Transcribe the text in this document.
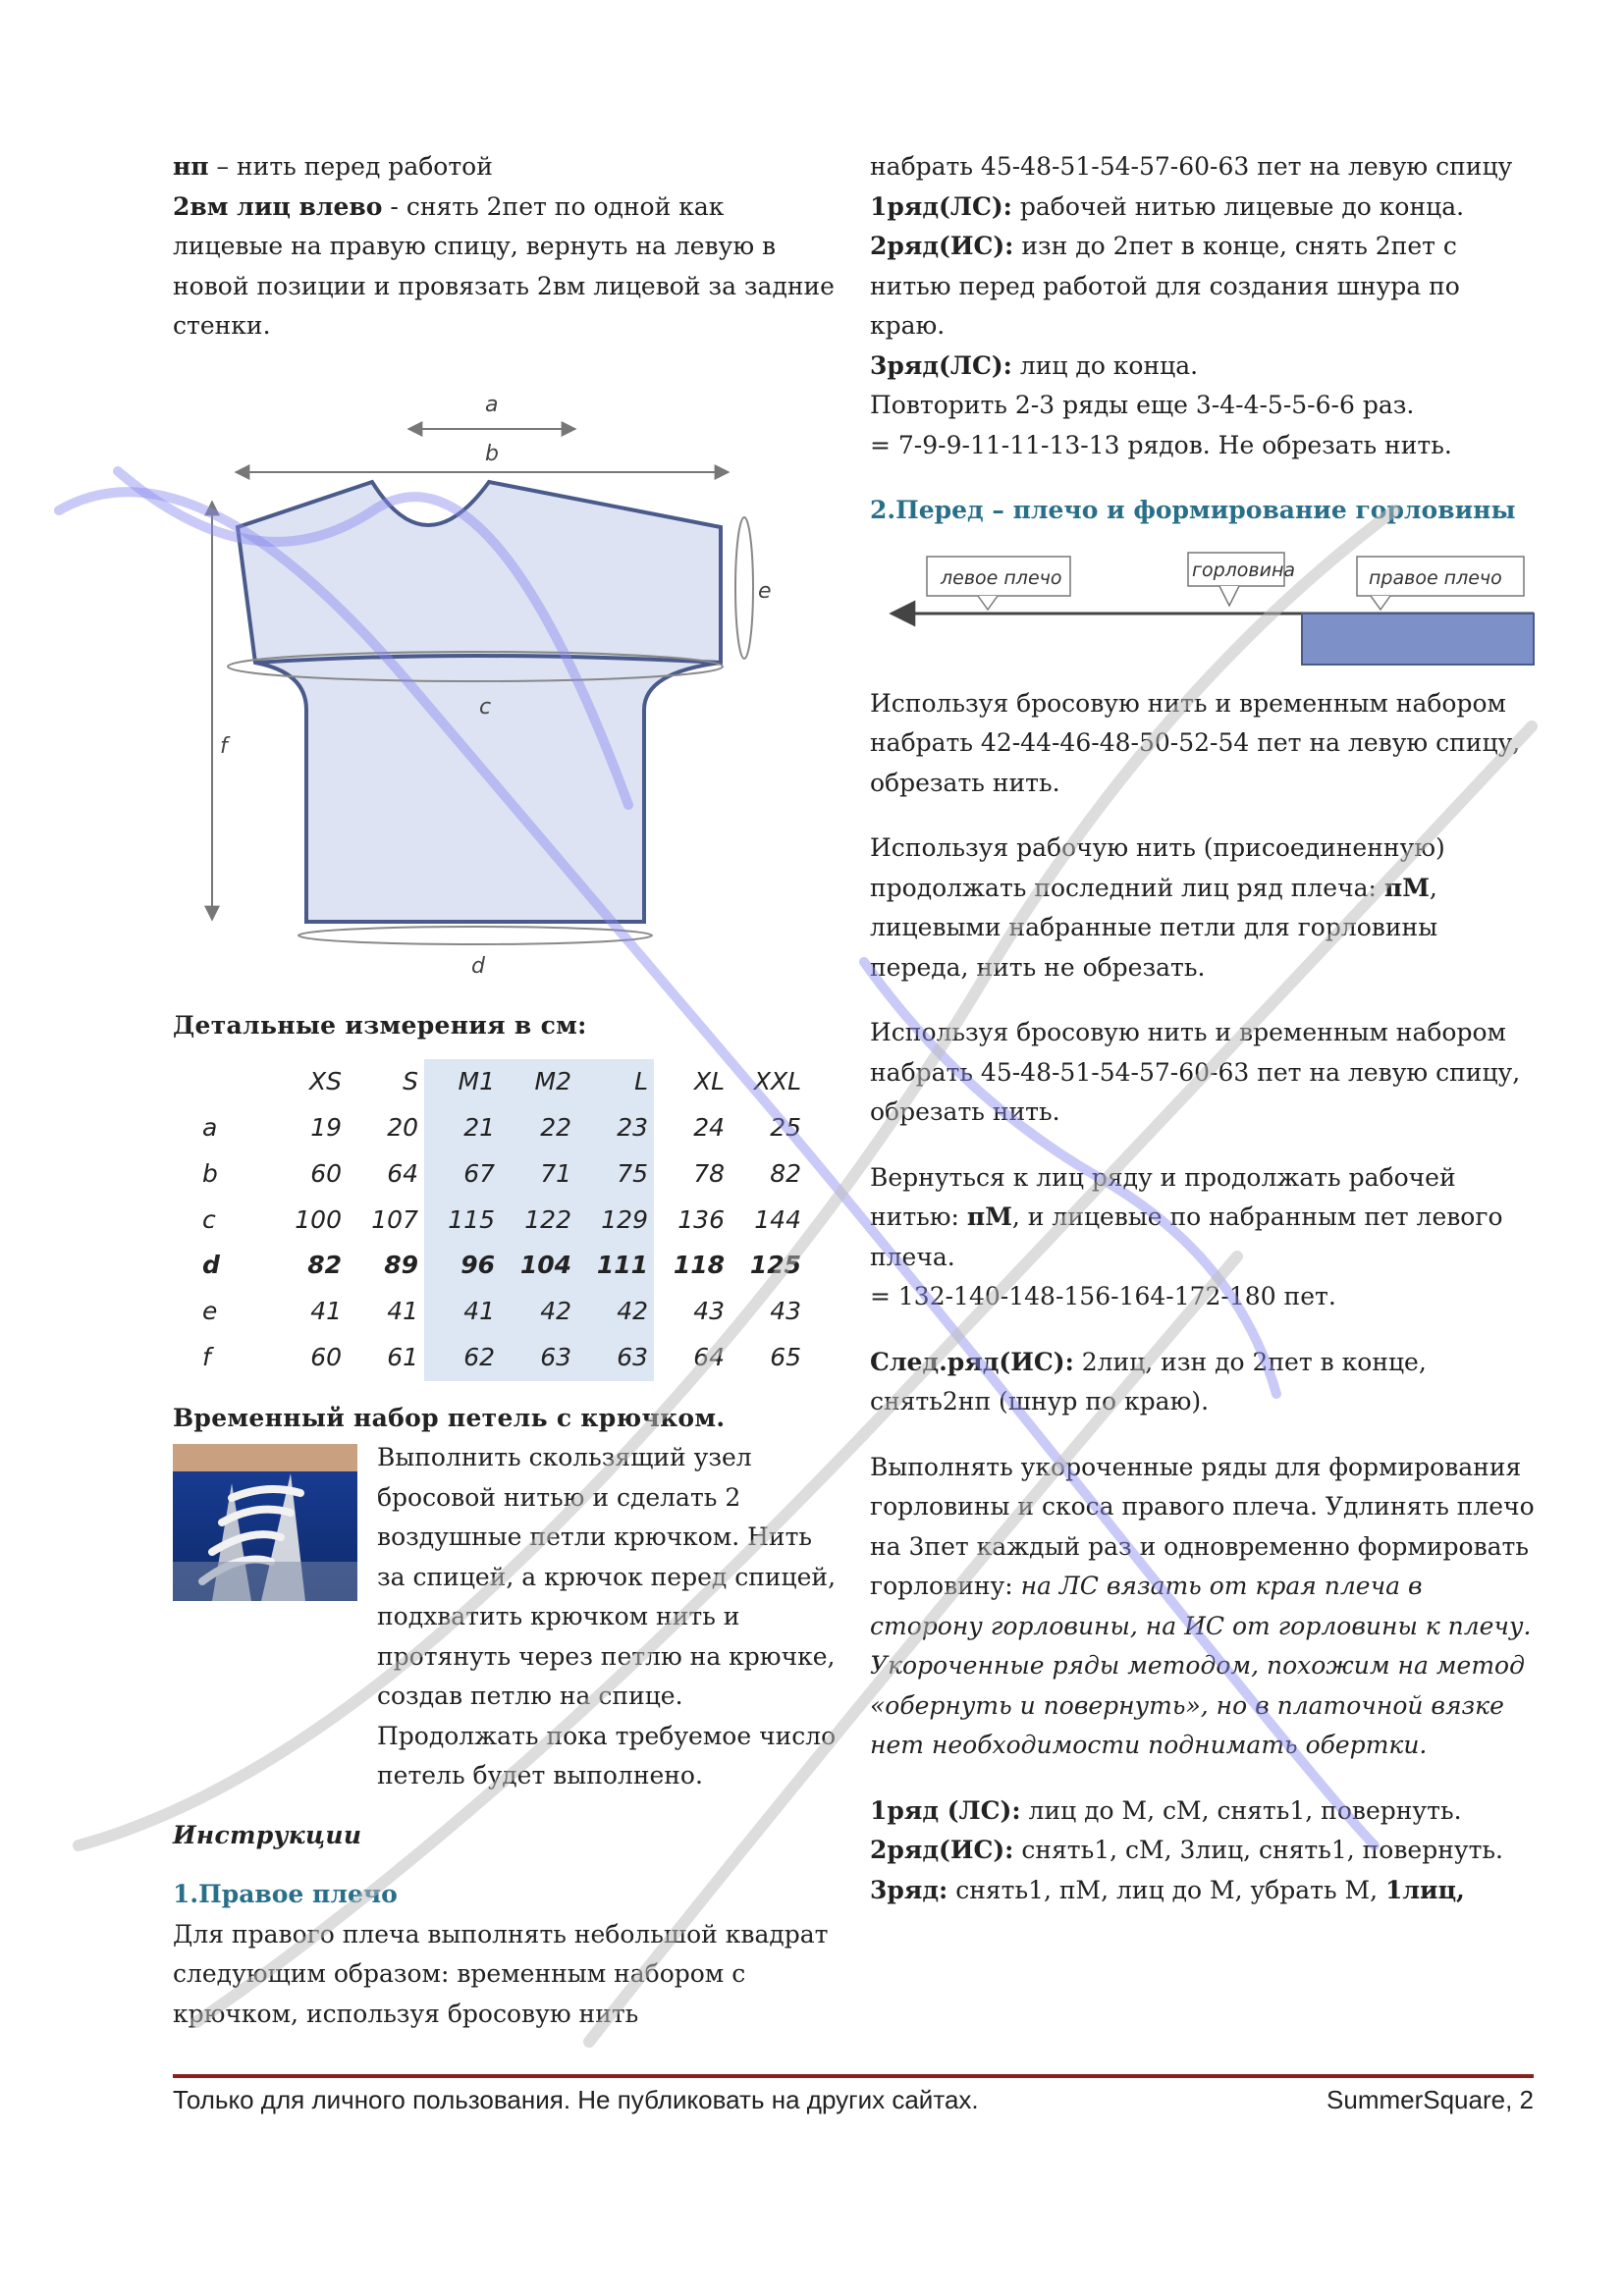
нп – нить перед работой

2вм лиц влево - снять 2пет по одной как лицевые на правую спицу, вернуть на левую в новой позиции и провязать 2вм лицевой за задние стенки.

a
b
c
d
e
f

Детальные измерения в см:

	XS	S	M1	M2	L	XL	XXL
a	19	20	21	22	23	24	25
b	60	64	67	71	75	78	82
c	100	107	115	122	129	136	144
d	82	89	96	104	111	118	125
e	41	41	41	42	42	43	43
f	60	61	62	63	63	64	65

Временный набор петель с крючком.

Выполнить скользящий узел бросовой нитью и сделать 2 воздушные петли крючком. Нить за спицей, а крючок перед спицей, подхватить крючком нить и протянуть через петлю на крючке, создав петлю на спице. Продолжать пока требуемое число петель будет выполнено.

Инструкции

1.Правое плечо

Для правого плеча выполнять небольшой квадрат следующим образом: временным набором с крючком, используя бросовую нить

набрать 45-48-51-54-57-60-63 пет на левую спицу

1ряд(ЛС): рабочей нитью лицевые до конца.

2ряд(ИС): изн до 2пет в конце, снять 2пет с нитью перед работой для создания шнура по краю.

3ряд(ЛС): лиц до конца.

Повторить 2-3 ряды еще 3-4-4-5-5-6-6 раз.

= 7-9-9-11-11-13-13 рядов. Не обрезать нить.

2.Перед – плечо и формирование горловины

левое плечо	горловина	правое плечо

Используя бросовую нить и временным набором набрать 42-44-46-48-50-52-54 пет на левую спицу, обрезать нить.

Используя рабочую нить (присоединенную) продолжать последний лиц ряд плеча: пМ, лицевыми набранные петли для горловины переда, нить не обрезать.

Используя бросовую нить и временным набором набрать 45-48-51-54-57-60-63 пет на левую спицу, обрезать нить.

Вернуться к лиц ряду и продолжать рабочей нитью: пМ, и лицевые по набранным пет левого плеча.

= 132-140-148-156-164-172-180 пет.

След.ряд(ИС): 2лиц, изн до 2пет в конце, снять2нп (шнур по краю).

Выполнять укороченные ряды для формирования горловины и скоса правого плеча. Удлинять плечо на 3пет каждый раз и одновременно формировать горловину: на ЛС вязать от края плеча в сторону горловины, на ИС от горловины к плечу. Укороченные ряды методом, похожим на метод «обернуть и повернуть», но в платочной вязке нет необходимости поднимать обертки.

1ряд (ЛС): лиц до М, сМ, снять1, повернуть.

2ряд(ИС): снять1, сМ, 3лиц, снять1, повернуть.

3ряд: снять1, пМ, лиц до М, убрать М, 1лиц,

Только для личного пользования. Не публиковать на других сайтах.	SummerSquare, 2
